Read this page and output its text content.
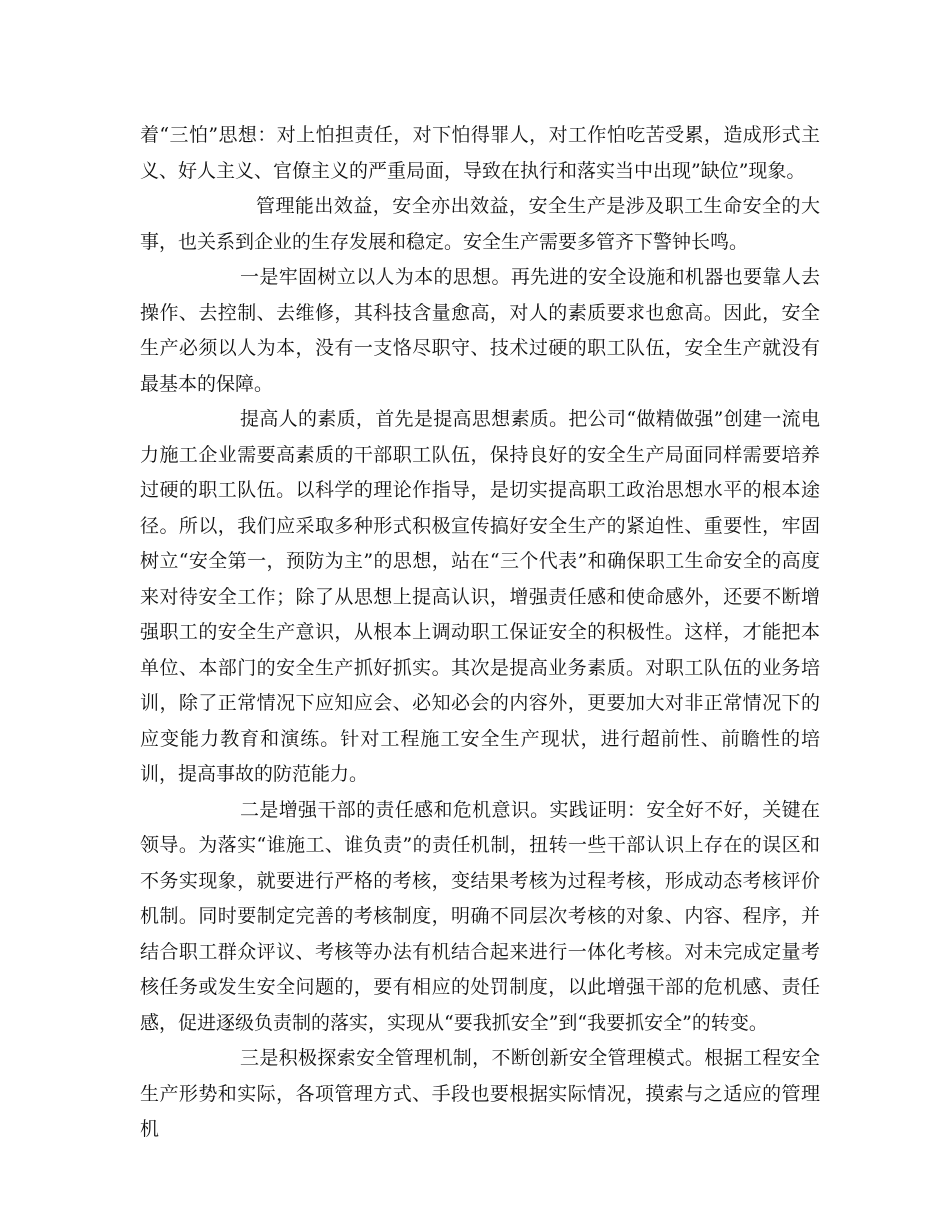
着“三怕”思想：对上怕担责任，对下怕得罪人，对工作怕吃苦受累，造成形式主义、好人主义、官僚主义的严重局面，导致在执行和落实当中出现”缺位”现象。

管理能出效益，安全亦出效益，安全生产是涉及职工生命安全的大事，也关系到企业的生存发展和稳定。安全生产需要多管齐下警钟长鸣。

一是牢固树立以人为本的思想。再先进的安全设施和机器也要靠人去操作、去控制、去维修，其科技含量愈高，对人的素质要求也愈高。因此，安全生产必须以人为本，没有一支恪尽职守、技术过硬的职工队伍，安全生产就没有最基本的保障。

提高人的素质，首先是提高思想素质。把公司“做精做强”创建一流电力施工企业需要高素质的干部职工队伍，保持良好的安全生产局面同样需要培养过硬的职工队伍。以科学的理论作指导，是切实提高职工政治思想水平的根本途径。所以，我们应采取多种形式积极宣传搞好安全生产的紧迫性、重要性，牢固树立“安全第一，预防为主”的思想，站在“三个代表”和确保职工生命安全的高度来对待安全工作；除了从思想上提高认识，增强责任感和使命感外，还要不断增强职工的安全生产意识，从根本上调动职工保证安全的积极性。这样，才能把本单位、本部门的安全生产抓好抓实。其次是提高业务素质。对职工队伍的业务培训，除了正常情况下应知应会、必知必会的内容外，更要加大对非正常情况下的应变能力教育和演练。针对工程施工安全生产现状，进行超前性、前瞻性的培训，提高事故的防范能力。

二是增强干部的责任感和危机意识。实践证明：安全好不好，关键在领导。为落实“谁施工、谁负责”的责任机制，扭转一些干部认识上存在的误区和不务实现象，就要进行严格的考核，变结果考核为过程考核，形成动态考核评价机制。同时要制定完善的考核制度，明确不同层次考核的对象、内容、程序，并结合职工群众评议、考核等办法有机结合起来进行一体化考核。对未完成定量考核任务或发生安全问题的，要有相应的处罚制度，以此增强干部的危机感、责任感，促进逐级负责制的落实，实现从“要我抓安全”到“我要抓安全”的转变。

三是积极探索安全管理机制，不断创新安全管理模式。根据工程安全生产形势和实际，各项管理方式、手段也要根据实际情况，摸索与之适应的管理机
